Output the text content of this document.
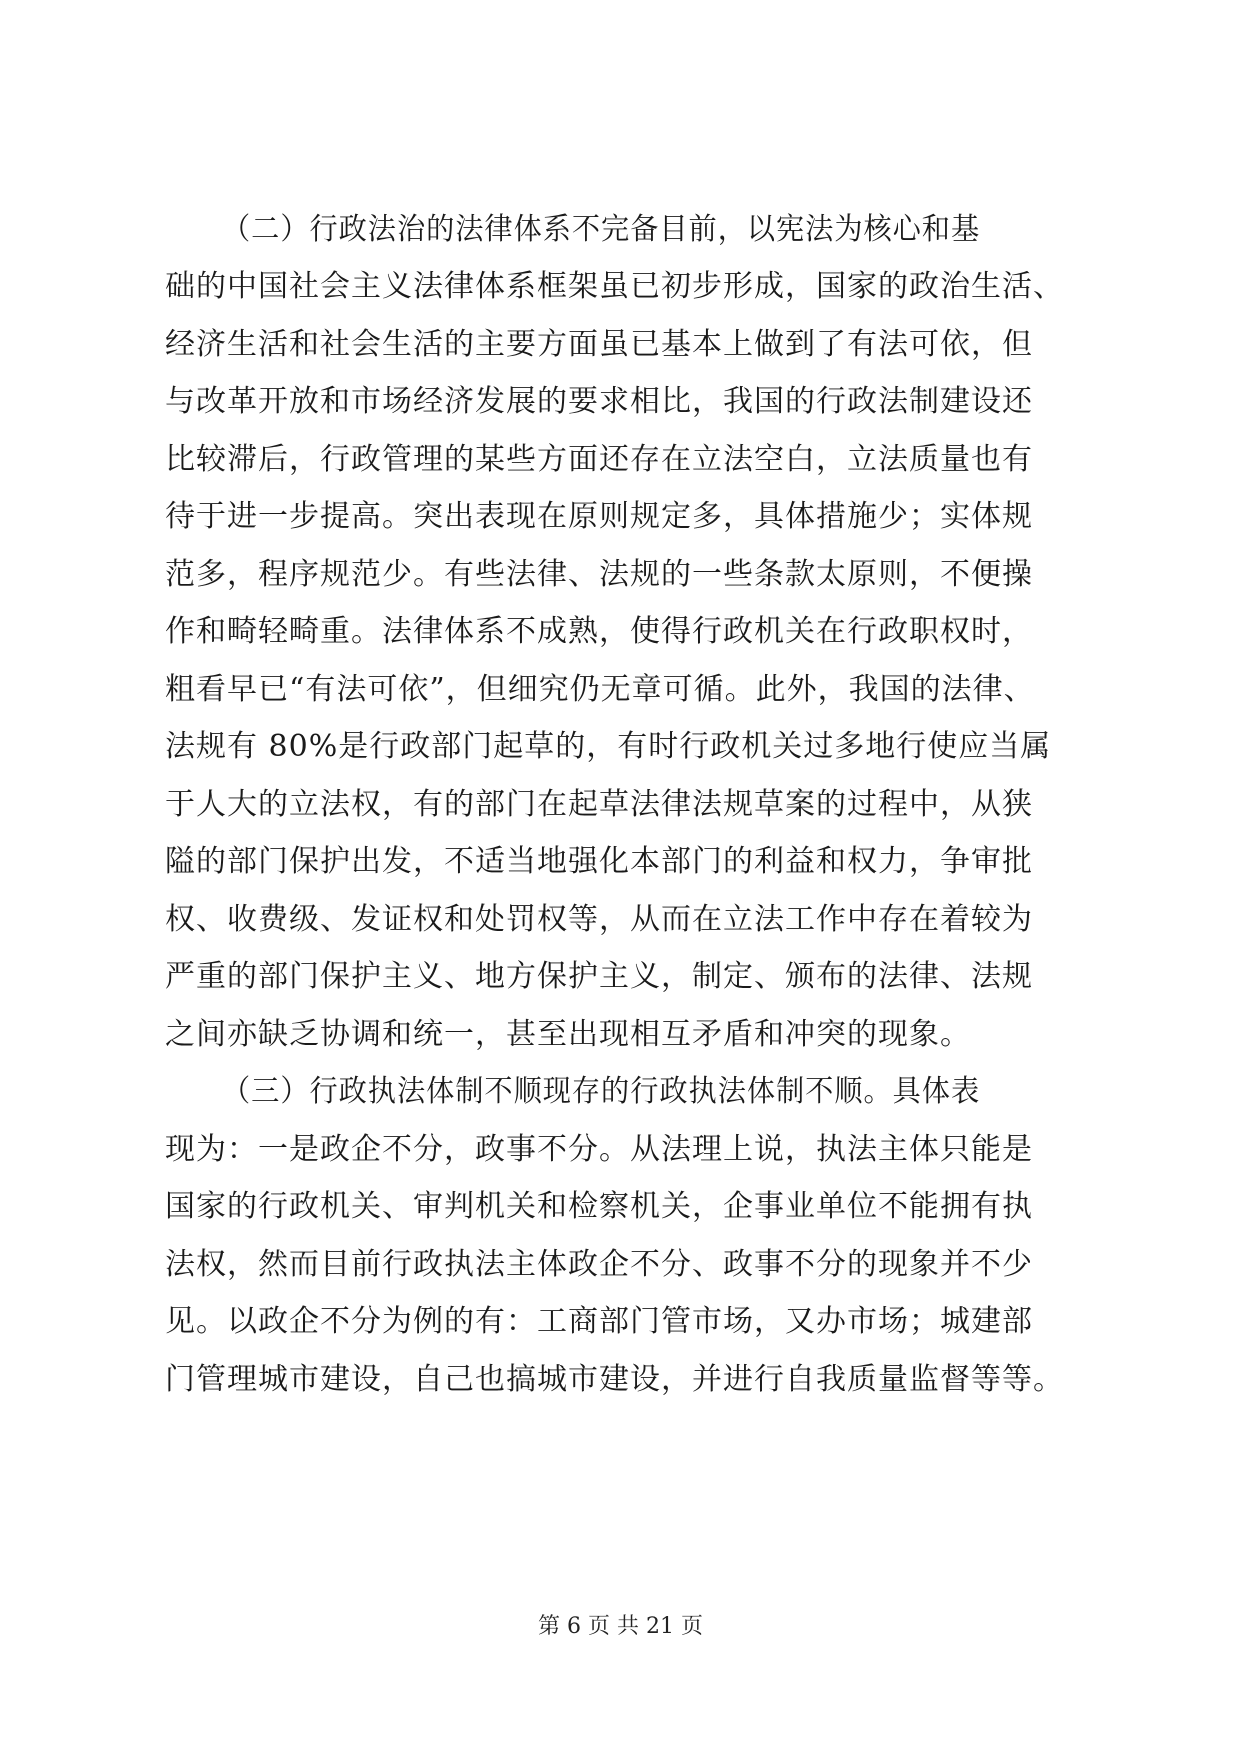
（二）行政法治的法律体系不完备目前，以宪法为核心和基
础的中国社会主义法律体系框架虽已初步形成，国家的政治生活、
经济生活和社会生活的主要方面虽已基本上做到了有法可依，但
与改革开放和市场经济发展的要求相比，我国的行政法制建设还
比较滞后，行政管理的某些方面还存在立法空白，立法质量也有
待于进一步提高。突出表现在原则规定多，具体措施少；实体规
范多，程序规范少。有些法律、法规的一些条款太原则，不便操
作和畸轻畸重。法律体系不成熟，使得行政机关在行政职权时，
粗看早已“有法可依”，但细究仍无章可循。此外，我国的法律、
法规有 80%是行政部门起草的，有时行政机关过多地行使应当属
于人大的立法权，有的部门在起草法律法规草案的过程中，从狭
隘的部门保护出发，不适当地强化本部门的利益和权力，争审批
权、收费级、发证权和处罚权等，从而在立法工作中存在着较为
严重的部门保护主义、地方保护主义，制定、颁布的法律、法规
之间亦缺乏协调和统一，甚至出现相互矛盾和冲突的现象。
（三）行政执法体制不顺现存的行政执法体制不顺。具体表
现为：一是政企不分，政事不分。从法理上说，执法主体只能是
国家的行政机关、审判机关和检察机关，企事业单位不能拥有执
法权，然而目前行政执法主体政企不分、政事不分的现象并不少
见。以政企不分为例的有：工商部门管市场，又办市场；城建部
门管理城市建设，自己也搞城市建设，并进行自我质量监督等等。
第 6 页 共 21 页
